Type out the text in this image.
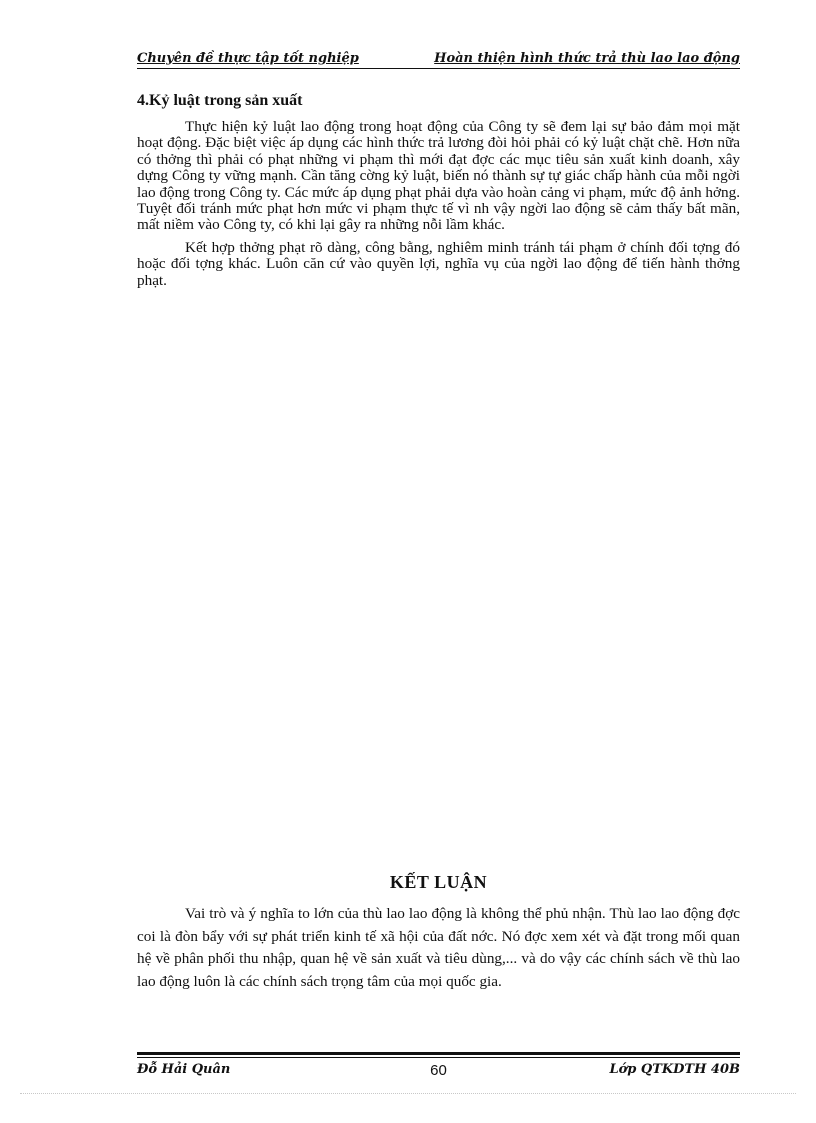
Chuyên đề thực tập tốt nghiệp	Hoàn thiện hình thức trả thù lao lao động
4.Kỷ luật trong sản xuất

Thực hiện kỷ luật lao động trong hoạt động của Công ty sẽ đem lại sự bảo đảm mọi mặt hoạt động. Đặc biệt việc áp dụng các hình thức trả lương đòi hỏi phải có kỷ luật chặt chẽ. Hơn nữa có thởng thì phải có phạt những vi phạm thì mới đạt đợc các mục tiêu sản xuất kinh doanh, xây dựng Công ty vững mạnh. Cần tăng cờng kỷ luật, biến nó thành sự tự giác chấp hành của mỗi ngời lao động trong Công ty. Các mức áp dụng phạt phải dựa vào hoàn cảng vi phạm, mức độ ảnh hởng. Tuyệt đối tránh mức phạt hơn mức vi phạm thực tế vì nh vậy ngời lao động sẽ cảm thấy bất mãn, mất niềm vào Công ty, có khi lại gây ra những nỗi lầm khác.

Kết hợp thởng phạt rõ dàng, công bằng, nghiêm minh tránh tái phạm ở chính đối tợng đó hoặc đối tợng khác. Luôn căn cứ vào quyền lợi, nghĩa vụ của ngời lao động để tiến hành thởng phạt.

KẾT LUẬN

Vai trò và ý nghĩa to lớn của thù lao lao động là không thể phủ nhận. Thù lao lao động đợc coi là đòn bẩy với sự phát triển kinh tế xã hội của đất nớc. Nó đợc xem xét và đặt trong mối quan hệ về phân phối thu nhập, quan hệ về sản xuất và tiêu dùng,... và do vậy các chính sách về thù lao lao động luôn là các chính sách trọng tâm của mọi quốc gia.

Đỗ Hải Quân	60	Lớp QTKDTH 40B
